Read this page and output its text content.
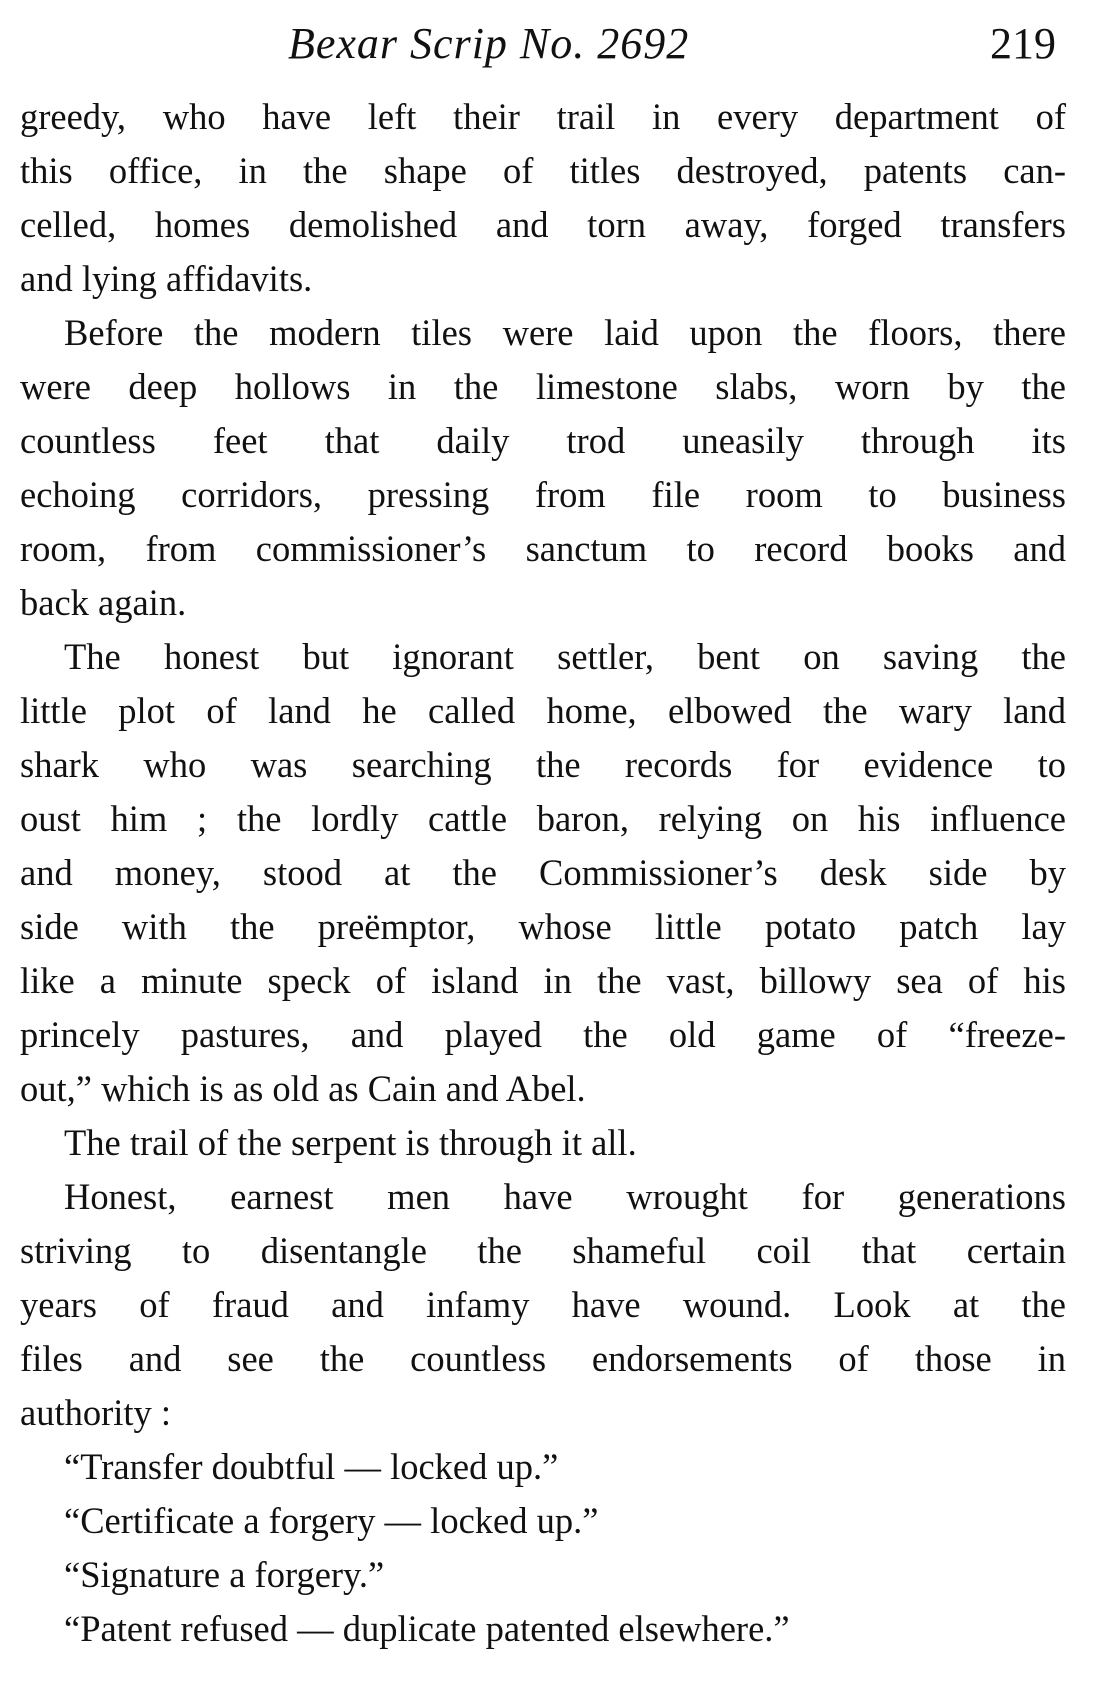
Bexar Scrip No. 2692	219
greedy, who have left their trail in every department of
this office, in the shape of titles destroyed, patents can-
celled, homes demolished and torn away, forged transfers
and lying affidavits.
Before the modern tiles were laid upon the floors, there
were deep hollows in the limestone slabs, worn by the
countless feet that daily trod uneasily through its
echoing corridors, pressing from file room to business
room, from commissioner’s sanctum to record books and
back again.
The honest but ignorant settler, bent on saving the
little plot of land he called home, elbowed the wary land
shark who was searching the records for evidence to
oust him ; the lordly cattle baron, relying on his influence
and money, stood at the Commissioner’s desk side by
side with the preëmptor, whose little potato patch lay
like a minute speck of island in the vast, billowy sea of his
princely pastures, and played the old game of “freeze-
out,” which is as old as Cain and Abel.
The trail of the serpent is through it all.
Honest, earnest men have wrought for generations
striving to disentangle the shameful coil that certain
years of fraud and infamy have wound. Look at the
files and see the countless endorsements of those in
authority :
“Transfer doubtful — locked up.”
“Certificate a forgery — locked up.”
“Signature a forgery.”
“Patent refused — duplicate patented elsewhere.”
